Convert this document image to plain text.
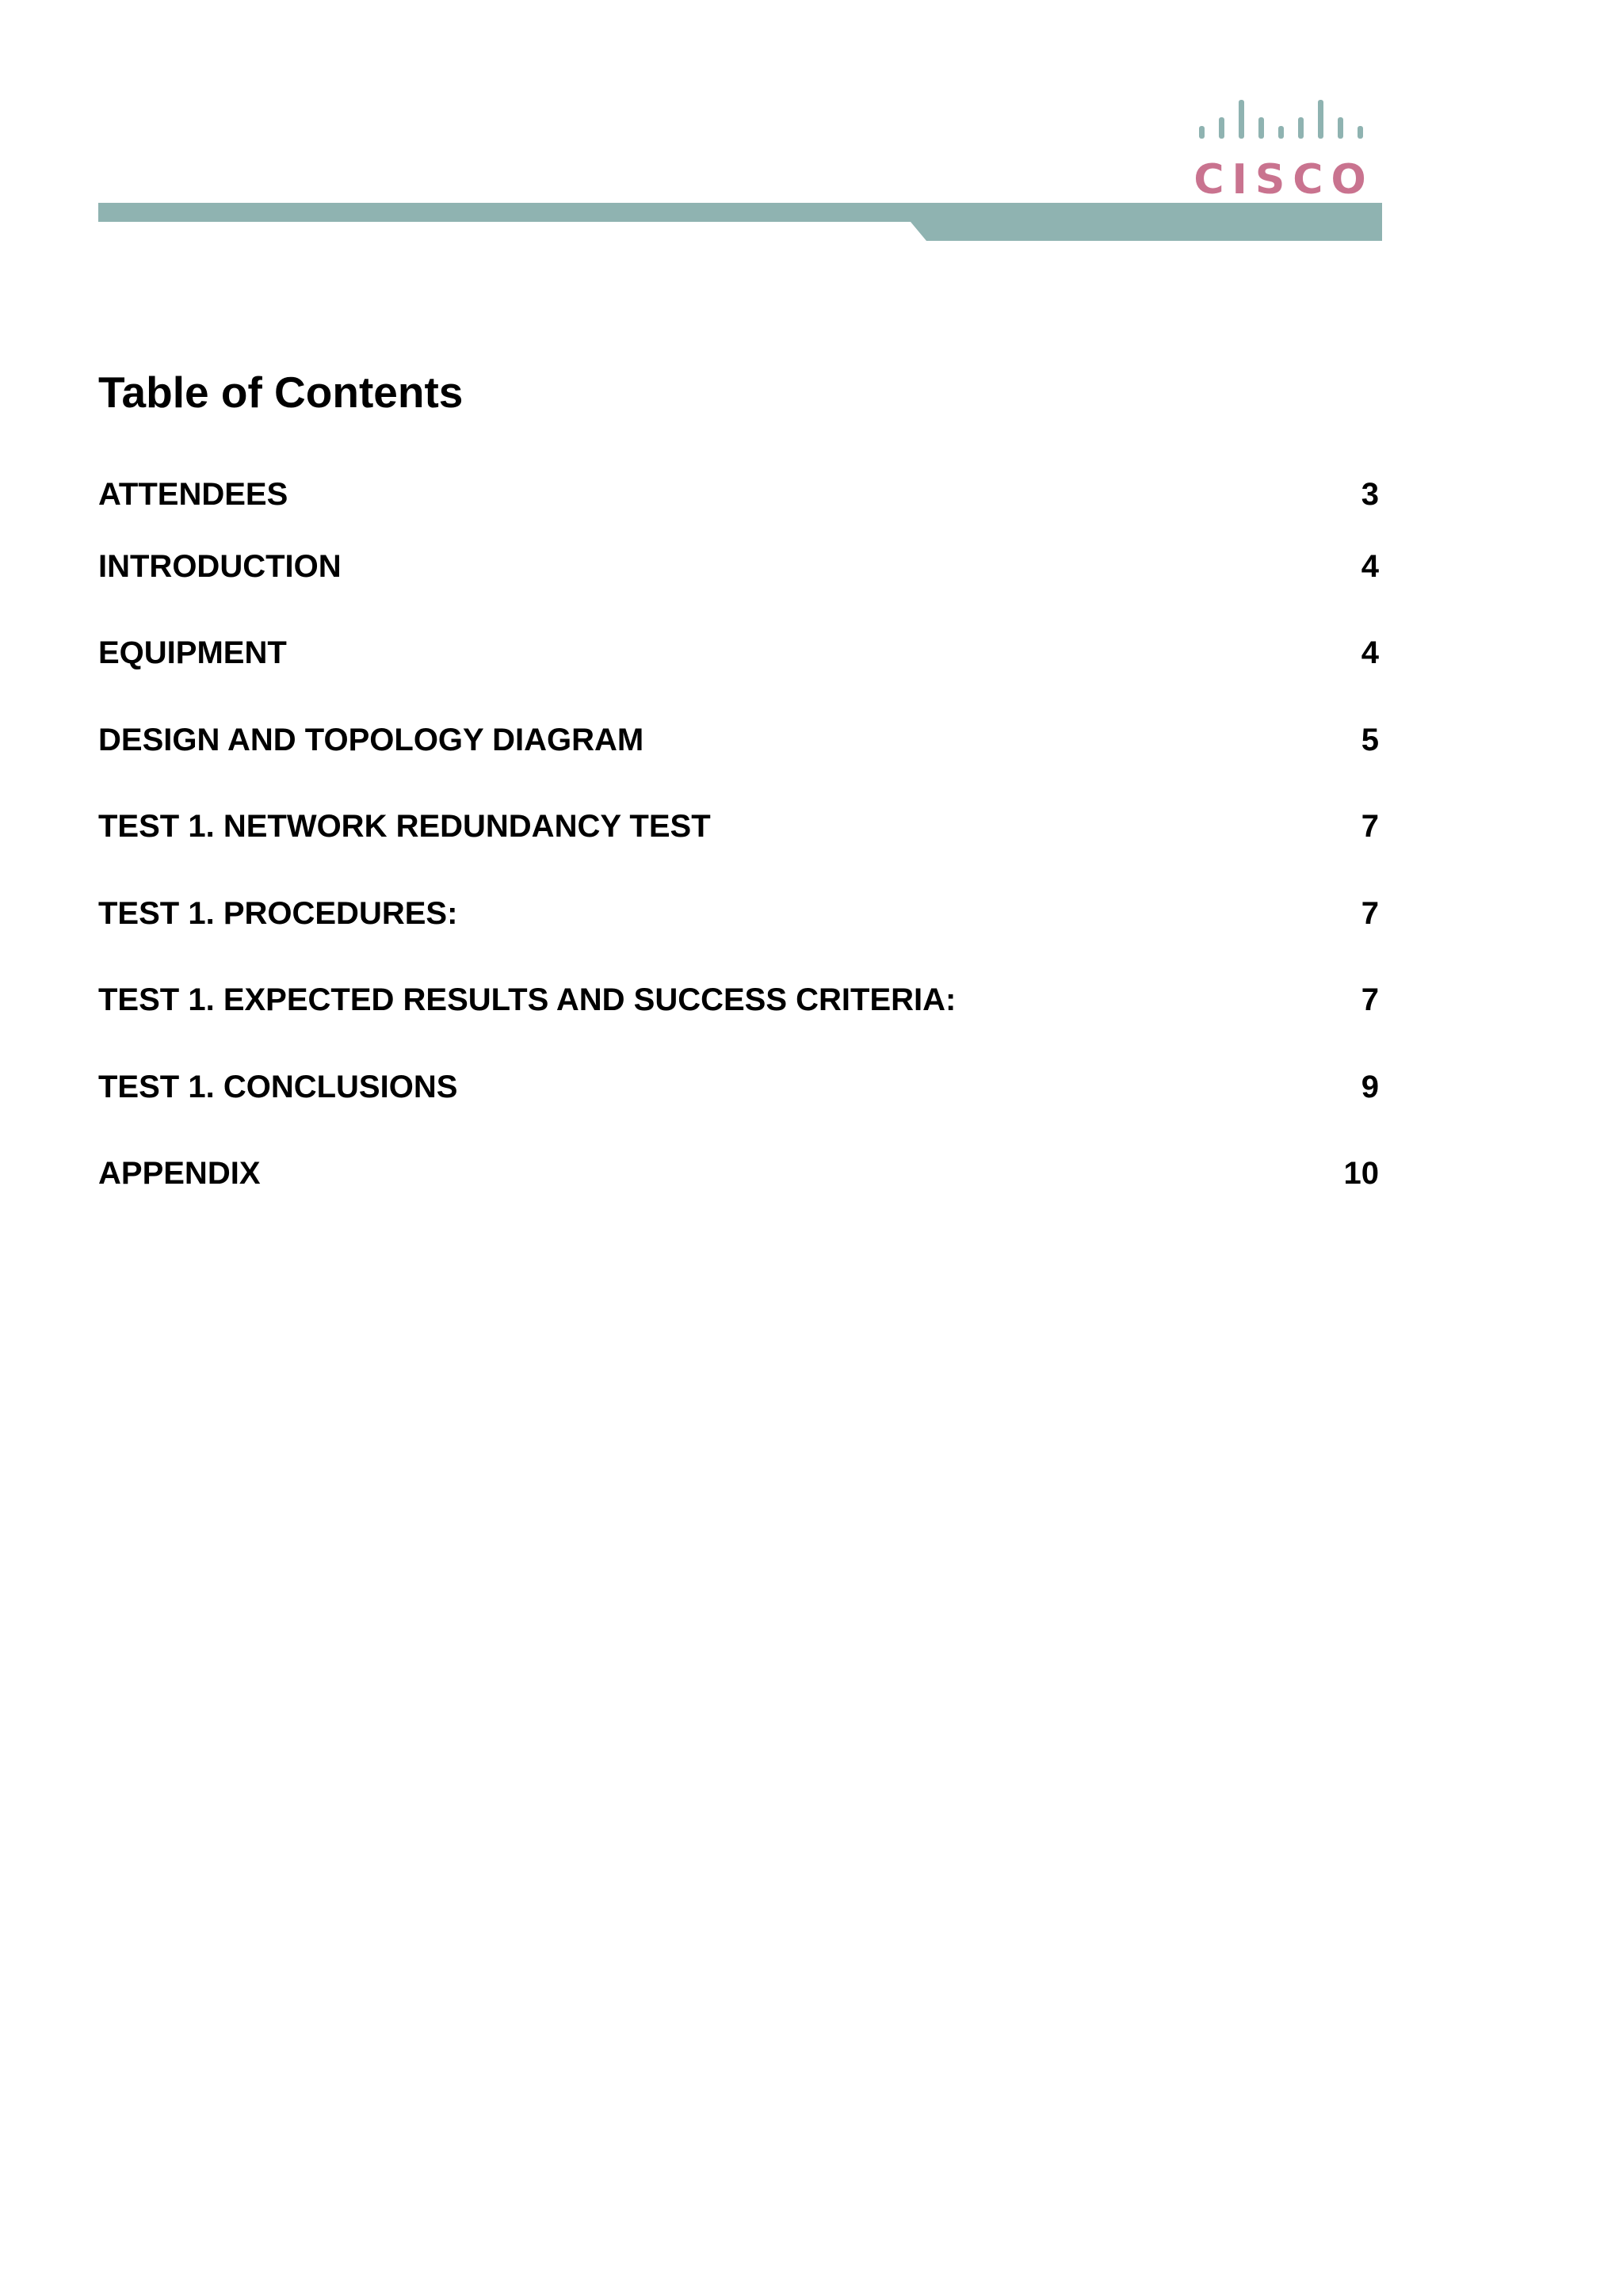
CISCO
Table of Contents
ATTENDEES	3
INTRODUCTION	4
EQUIPMENT	4
DESIGN AND TOPOLOGY DIAGRAM	5
TEST 1. NETWORK REDUNDANCY TEST	7
TEST 1. PROCEDURES:	7
TEST 1. EXPECTED RESULTS AND SUCCESS CRITERIA:	7
TEST 1. CONCLUSIONS	9
APPENDIX	10
